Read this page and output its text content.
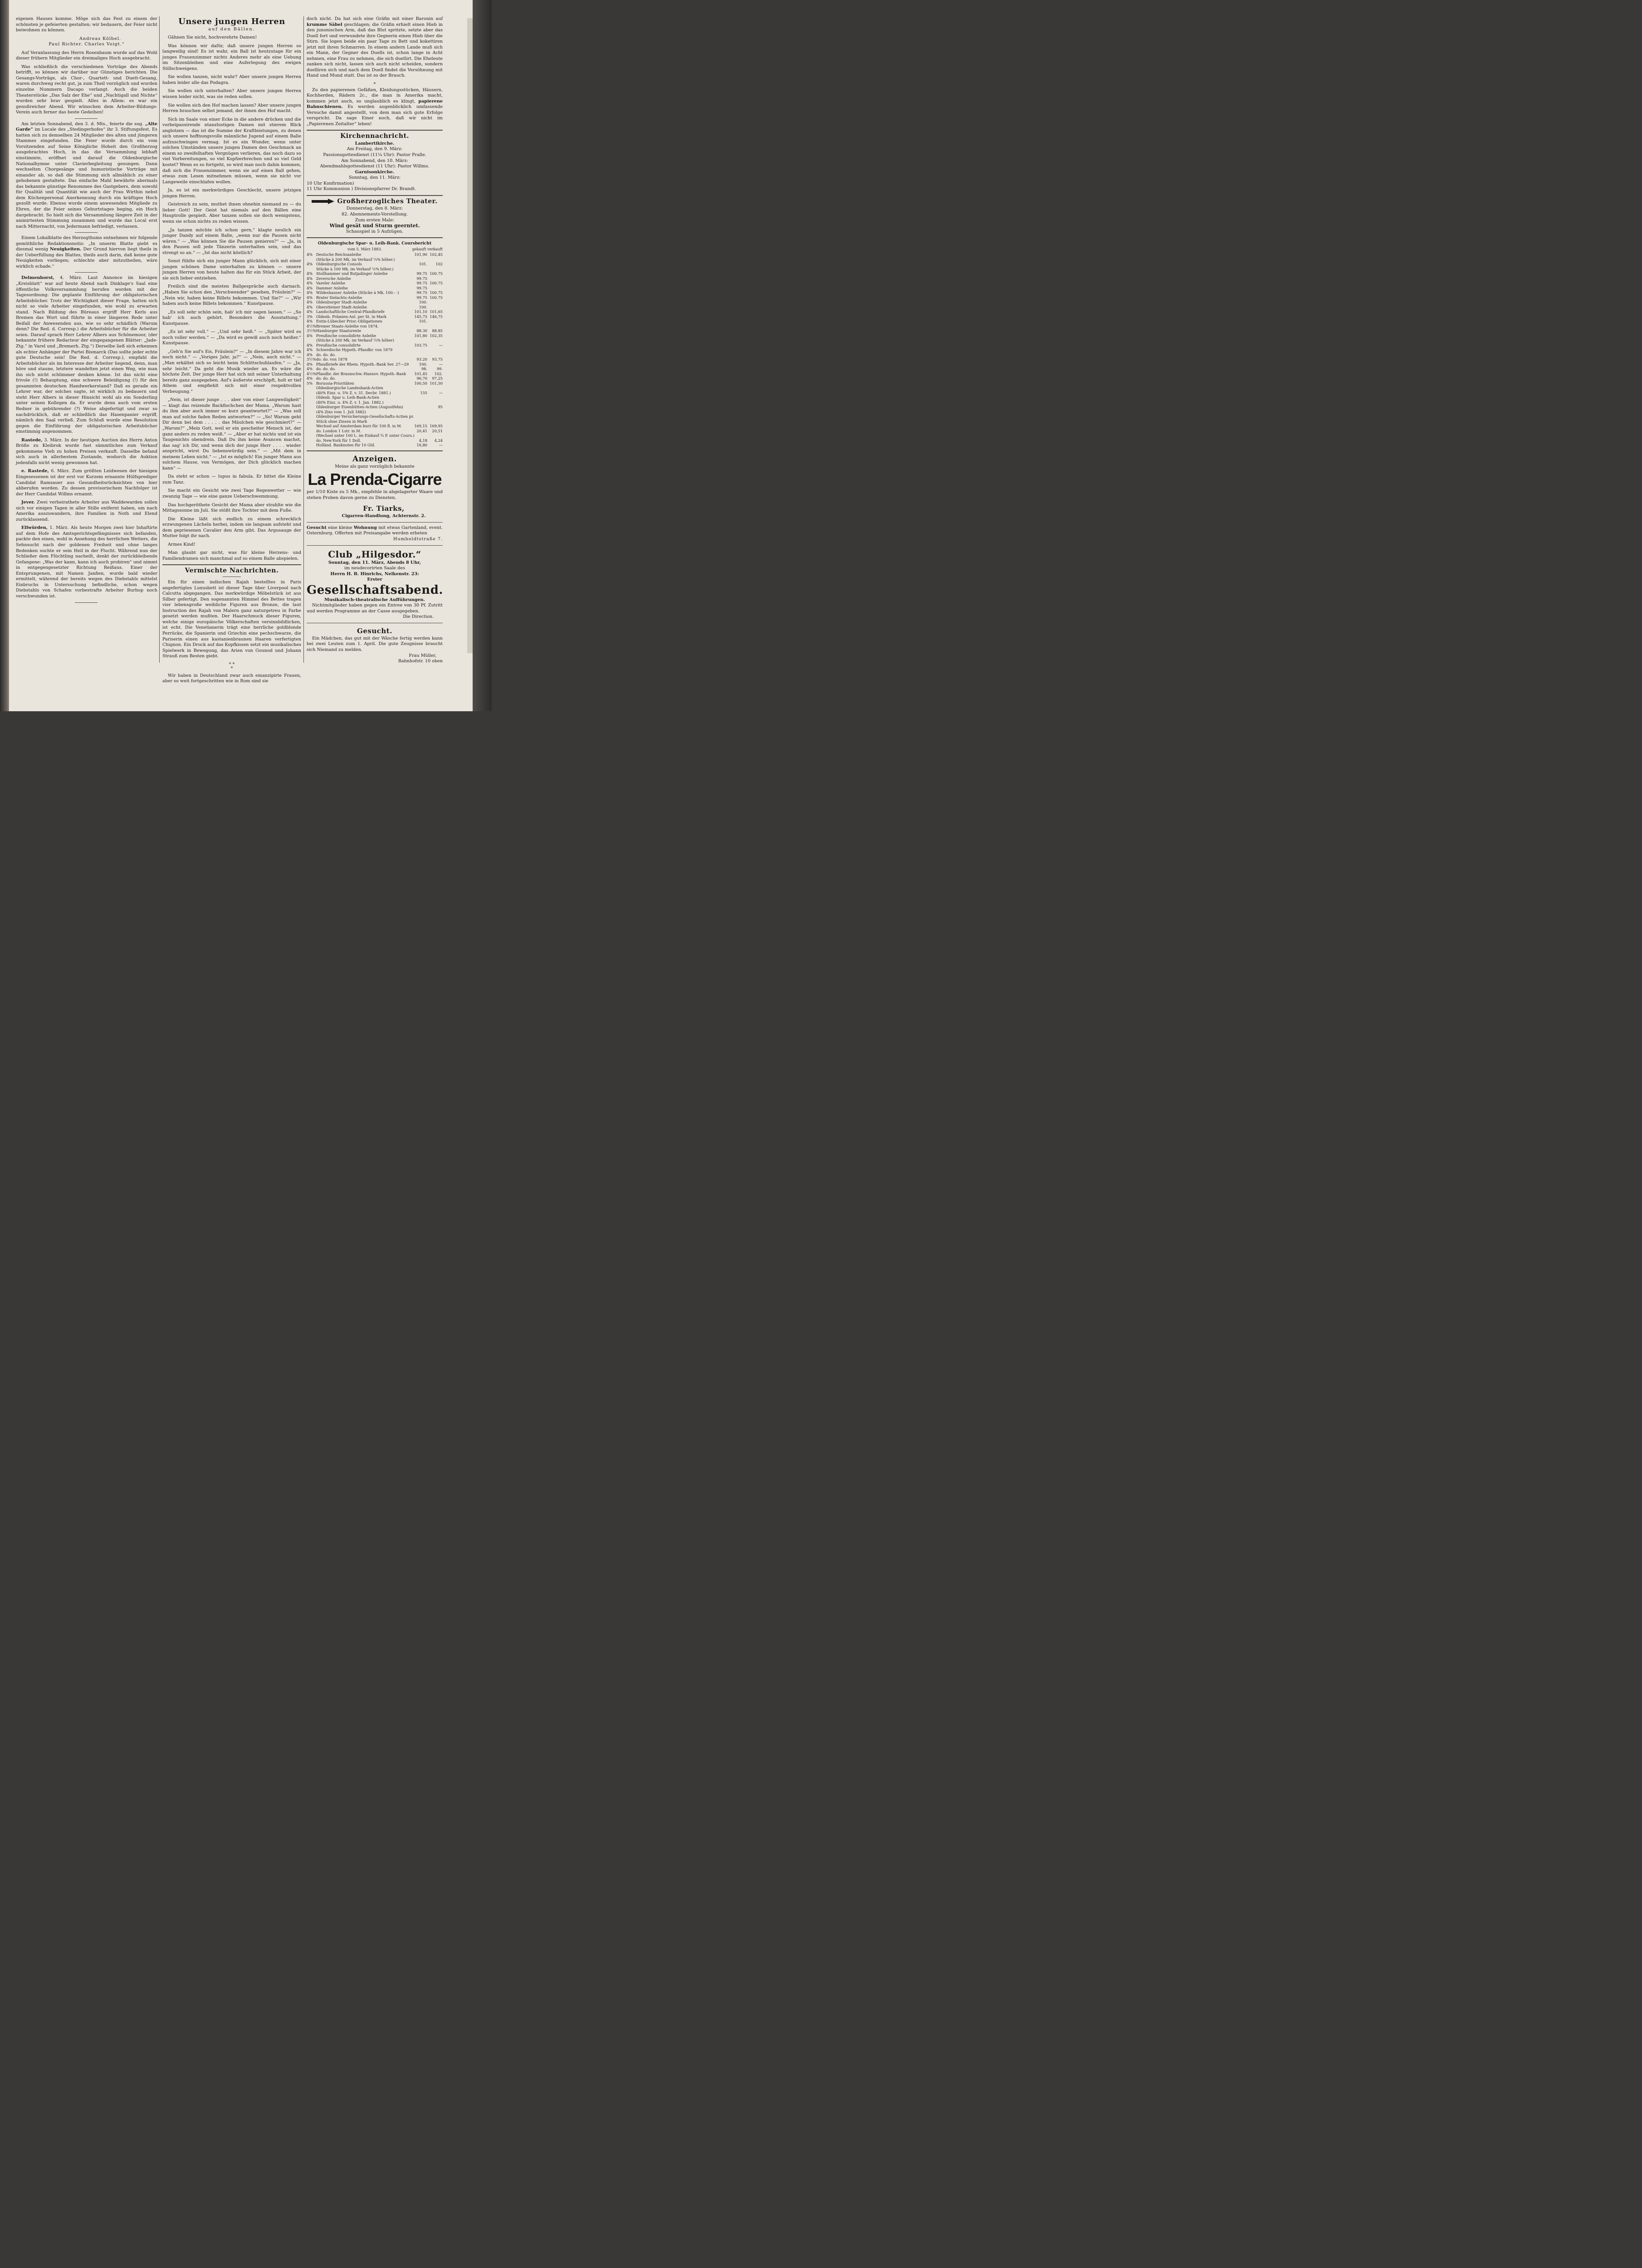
eigenen Hauses komme. Möge sich das Fest zu einem der schönsten je gefeierten gestalten; wir bedauern, der Feier nicht beiwohnen zu können.

Andreas Kölbel.

Paul Richter. Charles Voigt.“

Auf Veranlassung des Herrn Rosenbaum wurde auf das Wohl dieser frühern Mitglieder ein dreimaliges Hoch ausgebracht.

Was schließlich die verschiedenen Vorträge des Abends betrifft, so können wir darüber nur Günstiges berichten. Die Gesangs-Vorträge, als Chor-, Quartett- und Duett-Gesang, waren durchweg recht gut, ja zum Theil vorzüglich und wurden einzelne Nummern Dacapo verlangt. Auch die beiden Theaterstücke „Das Salz der Ehe“ und „Nachtigall und Nichte“ wurden sehr brav gespielt. Alles in Allem: es war ein genußreicher Abend. Wir wünschen dem Arbeiter-Bildungs-Verein auch ferner das beste Gedeihen!

Am letzten Sonnabend, den 3. d. Mts., feierte die sog. „Alte Garde“ im Locale des „Stedingerhofes“ ihr 3. Stiftungsfest. Es hatten sich zu demselben 24 Mitglieder des alten und jüngeren Stammes eingefunden. Die Feier wurde durch ein vom Vorsitzenden auf Seine Königliche Hoheit den Großherzog ausgebrachtes Hoch, in das die Versammlung lebhaft einstimmte, eröffnet und darauf die Oldenburgische Nationalhymne unter Clavierbegleitung gesungen. Dann wechselten Chorgesänge und humoristische Vorträge mit einander ab, so daß die Stimmung sich allmählich zu einer gehobenen gestaltete. Das einfache Mahl bewährte abermals das bekannte günstige Renommee des Gastgebers, dem sowohl für Qualität und Quantität wie auch der Frau Wirthin nebst dem Küchenpersonal Anerkennung durch ein kräftiges Hoch gezollt wurde. Ebenso wurde einem anwesenden Mitgliede zu Ehren, der die Feier seines Geburtstages beging, ein Hoch dargebracht. So hielt sich die Versammlung längere Zeit in der animirtesten Stimmung zusammen und wurde das Local erst nach Mitternacht, von Jedermann befriedigt, verlassen.

Einem Lokalblatte des Herzogthums entnehmen wir folgende gemüthliche Redaktionsnotiz: „In unserm Blatte giebt es diesmal wenig Neuigkeiten. Der Grund hiervon liegt theils in der Ueberfüllung des Blattes, theils auch darin, daß keine gute Neuigkeiten vorliegen; schlechte aber mitzutheilen, wäre wirklich schade.“

Delmenhorst, 4. März. Laut Annonce im hiesigen „Kreisblatt“ war auf heute Abend nach Dinklage's Saal eine öffentliche Volksversammlung berufen worden mit der Tagesordnung: Die geplante Einführung der obligatorischen Arbeitsbücher. Trotz der Wichtigkeit dieser Frage, hatten sich nicht so viele Arbeiter eingefunden, wie wohl zu erwarten stand. Nach Bildung des Büreaus ergriff Herr Kerls aus Bremen das Wort und führte in einer längeren Rede unter Beifall der Anwesenden aus, wie so sehr schädlich (Warum denn? Die Red. d. Corresp.) die Arbeitsbücher für die Arbeiter seien. Darauf sprach Herr Lehrer Albers aus Schönemoor, (der bekannte frühere Redacteur der eingegangenen Blätter: „Jade-Ztg.“ in Varel und „Bremerh. Ztg.“) Derselbe ließ sich erkennen als echter Anhänger der Partei Bismarck (Das sollte jeder echte gute Deutsche sein! Die Red. d. Corresp.), empfahl die Arbeitsbücher als im Interesse der Arbeiter liegend, denn, man höre und staune, letztere wandelten jetzt einen Weg, wie man ihn sich nicht schlimmer denken könne. Ist das nicht eine frivole (!) Behauptung, eine schwere Beleidigung (!) für den gesammten deutschen Handwerkerstand? Daß es gerade ein Lehrer war, der solches sagte, ist wirklich zu bedauern und steht Herr Albers in dieser Hinsicht wohl als ein Sonderling unter seinen Kollegen da. Er wurde denn auch vom ersten Redner in gebührender (?) Weise abgefertigt und zwar so nachdrücklich, daß er schließlich das Hasenpanier ergriff, nämlich den Saal verließ. Zum Schluß wurde eine Resolution gegen die Einführung der obligatorischen Arbeitsbücher einstimmig angenommen.

Rastede, 3. März. In der heutigen Auction des Herrn Anton Bröße zu Kleibrok wurde fast sämmtliches zum Verkauf gekommene Vieh zu hohen Preisen verkauft. Dasselbe befand sich auch in allerbestem Zustande, wodurch die Auktion jedenfalls nicht wenig gewonnen hat.

e. Rastede, 6. März. Zum größten Leidwesen der hiesigen Eingesessenen ist der erst vor Kurzem ernannte Hülfsprediger Candidat Ramsauer aus Gesundheitsrücksichten von hier abberufen worden. Zu dessen provisorischem Nachfolger ist der Herr Candidat Willms ernannt.

Jever. Zwei verheirathete Arbeiter aus Waddewarden sollen sich vor einigen Tagen in aller Stille entfernt haben, um nach Amerika auszuwandern, ihre Familien in Noth und Elend zurücklassend.

Ellwürden, 1. März. Als heute Morgen zwei hier Inhaftirte auf dem Hofe des Amtsgerichtsgefängnisses sich befanden, packte den einen, wohl in Ansehung des herrlichen Wetters, die Sehnsucht nach der goldenen Freiheit und ohne langes Bedenken suchte er sein Heil in der Flucht. Während nun der Schließer dem Flüchtling nacheilt, denkt der zurückbleibende Gefangene: „Was der kann, kann ich auch probiren“ und nimmt in entgegengesetzter Richtung Reißaus. Einer der Entsprungenen, mit Namen Janßen, wurde bald wieder ermittelt, während der bereits wegen des Diebstahls mittelst Einbruchs in Untersuchung befindliche, schon wegen Diebstahls von Schafen vorbestrafte Arbeiter Burhop noch verschwunden ist.

Unsere jungen Herren
auf den Bällen.

Gähnen Sie nicht, hochverehrte Damen!

Was können wir dafür, daß unsere jungen Herren so langweilig sind! Es ist wahr, ein Ball ist heutzutage für ein junges Frauenzimmer nichts Anderes mehr als eine Uebung im Sitzenbleiben und eine Auferlegung des ewigen Stillschweigens.

Sie wollen tanzen, nicht wahr? Aber unsere jungen Herren haben leider alle das Podagra.

Sie wollen sich unterhalten? Aber unsere jungen Herren wissen leider nicht, was sie reden sollen.

Sie wollen sich den Hof machen lassen? Aber unsere jungen Herren brauchen selbst jemand, der ihnen den Hof macht.

Sich im Saale von einer Ecke in die andere drücken und die vorbeipassirende ntanzlustigen Damen mit stierem Blick anglotzen — das ist die Summe der Kraftleistungen, zu denen sich unsere hoffnungsvolle männliche Jugend auf einem Balle aufzuschwingen vermag. Ist es ein Wunder, wenn unter solchen Umständen unsere jungen Damen den Geschmack an einem so zweifelhaften Vergnügen verlieren, das noch dazu so viel Vorbereitungen, so viel Kopfzerbrechen und so viel Geld kostet? Wenn es so fortgeht, so wird man noch dahin kommen, daß sich die Frauenzimmer, wenn sie auf einen Ball gehen, etwas zum Lesen mitnehmen müssen, wenn sie nicht vor Langeweile einschlafen wollen.

Ja, es ist ein merkwürdiges Geschlecht, unsere jetzigen jungen Herren.

Geistreich zu sein, muthet ihnen ohnehin niemand zu — du lieber Gott! Der Geist hat niemals auf den Bällen eine Hauptrolle gespielt. Aber tanzen sollen sie doch wenigstens, wenn sie schon nichts zu reden wissen.

„Ja tanzen möchte ich schon gern,“ klagte neulich ein junger Dandy auf einem Balle, „wenn nur die Pausen nicht wären.“ — „Was können Sie die Pausen genieren?“ — „Ja, in den Pausen soll jede Tänzerin unterhalten sein, und das strengt so an.“ — „Ist das nicht köstlich?

Sonst fühlte sich ein junger Mann glücklich, sich mit einer jungen schönen Dame unterhalten zu können — unsere jungen Herren von heute halten das für ein Stück Arbeit, der sie sich lieber entziehen.

Freilich sind die meisten Ballgespräche auch darnach. „Haben Sie schon den „Verschwender“ gesehen, Fräulein?“ — „Nein wir, haben keine Billets bekommen. Und Sie?“ — „Wir haben auch keine Billets bekommen.“ Kunstpause.

„Es soll sehr schön sein, hab' ich mir sagen lassen.“ — „So hab' ich auch gehört. Besonders die Ausstattung.“ Kunstpause.

„Es ist sehr voll.“ — „Und sehr heiß.“ — „Später wird es noch voller werden.“ — „Da wird es gewiß auch noch heißer.“ Kunstpause.

„Geh'n Sie auf's Eis, Fräulein?“ — „In diesem Jahre war ich noch nicht.“ — „Voriges Jahr, ja?“ — „Nein, auch nicht.“ — „Man erkältet sich so leicht beim Schlittschuhlaufen.“ — „Ja, sehr leicht.“ Da geht die Musik wieder an. Es wäre die höchste Zeit. Der junge Herr hat sich mit seiner Unterhaltung bereits ganz ausgegeben. Auf's äußerste erschöpft, holt er tief Athem und empfiehlt sich mit einer respektvollen Verbeugung.“

„Nein, ist dieser junge . . . aber von einer Langweiligkeit“ — klagt das reizende Backfischchen der Mama. „Warum hast du ihm aber auch immer so kurz geantwortet?“ — „Was soll man auf solche faden Reden antworten?“ — „So! Warum geht Dir denn bei dem . . . . . das Mäulchen wie geschmiert?“ — „Warum?“ „Mein Gott, weil er ein gescheiter Mensch ist, der ganz anders zu reden weiß.“ — „Aber er hat nichts und ist ein Taugenichts obendrein. Daß Du ihm keine Avancen machst, das sag' ich Dir, und wenn dich der junge Herr . . . . wieder anspricht, wirst Du liebenswürdig sein.“ — „Mit dem in meinem Leben nicht.“ — „Ist es möglich! Ein junger Mann aus solchem Hause, von Vermögen, der Dich glücklich machen kann“ —

Da steht er schon — lupus in fabula. Er bittet die Kleine zum Tanz.

Sie macht ein Gesicht wie zwei Tage Regenwetter — wie zwanzig Tage — wie eine ganze Ueberschwemmung.

Das hochgeröthete Gesicht der Mama aber strahlte wie die Mittagssonne im Juli. Sie stößt ihre Tochter mit dem Fuße.

Die Kleine läßt sich endlich zu einem schrecklich erzwungenen Lächeln herbei, indem sie langsam aufsteht und dem gepriesenen Cavalier den Arm gibt. Das Argusauge der Mutter folgt ihr nach.

Armes Kind!

Man glaubt gar nicht, was für kleine Herzens- und Familiendramen sich manchmal auf so einem Balle abspielen.

Vermischte Nachrichten.

Ein für einen indischen Rajah bestelltes in Paris angefertigtes Luxusbett ist dieser Tage über Liverpool nach Calcutta abgegangen. Das merkwürdige Möbelstück ist aus Silber gefertigt. Den sogenannten Himmel des Bettes tragen vier lebensgroße weibliche Figuren aus Bronze, die laut Instruction des Rajah von Malern ganz naturgetreu in Farbe gesetzt werden mußten. Der Haarschmuck dieser Figuren, welche einige europäische Völkerschaften versinnbildlichen, ist echt. Die Venetianerin trägt eine herrliche goldblonde Perrücke, die Spanierin und Griechin eine pechschwarze, die Pariserin einen aus kastanienbraunen Haaren verfertigten Chignon. Ein Druck auf das Kopfkissen setzt ein musikalisches Spielwerk in Bewegung, das Arien von Gounod und Johann Strauß zum Besten giebt.

* *
*

Wir haben in Deutschland zwar auch emanzipirte Frauen, aber so weit fortgeschritten wie in Rom sind sie

doch nicht. Da hat sich eine Gräfin mit einer Baronin auf krumme Säbel geschlagen; die Gräfin erhielt einen Hieb in den junonischen Arm, daß das Blut spritzte, setzte aber das Duell fort und verwundete ihre Gegnerin einen Hieb über die Stirn. Sie logen beide ein paar Tage zu Bett und kokettiren jetzt mit ihren Schmarren. In einem andern Lande muß sich ein Mann, der Gegner des Duells ist, schon lange in Acht nehmen, eine Frau zu nehmen, die sich duellirt. Die Eheleute zanken sich nicht, lassen sich auch nicht scheiden, sondern duelliren sich und nach dem Duell findet die Versöhnung mit Hand und Mund statt. Das ist so der Brauch.

*

Zu den papierenen Gefäßen, Kleidungsstücken, Häusern, Kochherden, Rädern 2c., die man in Amerika macht, kommen jetzt auch, so unglaublich es klingt, papierene Bahnschienen. Es werden augenblicklich umfassende Versuche damit angestellt, von dem man sich gute Erfolge verspricht. Da sage Einer noch, daß wir nicht im „Papierenen Zeitalter“ leben!

Kirchennachricht.
Lambertikirche.
Am Freitag, den 9. März:
Passionsgottesdienst (11¼ Uhr): Pastor Pralle.
Am Sonnabend, den 10. März:
Abendmahlsgottesdienst (11 Uhr): Pastor Willms.
Garnisonkirche.
Sonntag, den 11. März:
10 Uhr Konfirmation)
11 Uhr Kommunion ) Divisionspfarrer Dr. Brandt.
Großherzogliches Theater.
Donnerstag, den 8. März:
82. Abonnements-Vorstellung.
Zum ersten Male:
Wind gesät und Sturm geerntet.
Schauspiel in 5 Aufzügen.
Oldenburgische Spar- u. Leih-Bank. Coursbericht
vom 5. März 1883.	gekauft verkauft
4%	Deutsche Reichsanleihe	101,90	102,45
	(Stücke à 200 Mk. im Verkauf ¼% höher.)		
4%	Oldenburgische Consols	101.	102
	Stücke à 100 Mk. im Verkauf ¼% höher.)		
4%	Stollhammer und Butjadinger Anleihe	99.75	100.75
4%	Zeversche Anleihe	99.75	
4%	Vareler Anleihe	99.75	100.75
4%	Dammer Anleihe	99.75	
4%	Wildeshauser Anleihe (Stücke à Mk. 100.- -)	99.75	100.75
4%	Brater Sielachts-Anleihe	99.75	100.75
4%	Oldenburger Stadt-Anleihe	100.	
4%	Oberstteiner Stadt-Anleihe	100.	
4%	Landschaftliche Central-Pfandbriefe	101,10	101,65
3%	Oldenb. Prämien-Anl. per St. in Mark	145,75	146,75
4%	Eutin-Lübecker Prior.-Obligationen	101.	
4½%	Bremer Staats-Anleihe von 1874.		
3½%	Hamburger Staatsrente	88.30	88.85
4%	Preußische consolidirte Anleihe	101,80	102,35
	(Stücke à 200 Mk. im Verkauf ¼% höher)		
4%	Preußische consolidirte	103.75	—
4%	Schwedische Hypoth.-Pfandbr. von 1879		
4%	do. do. do.		
3½%	do. do. von 1878	93.20	93.75
4%	Pfandbriefe der Rhein. Hypoth.-Bank Ser. 27—29	100.	—
4%	do. do. do.	98.	99.
4½%	Pfandbr. der Braunschw.-Hannov. Hypoth.-Bank	101,45	102.
4%	do. do. do.	96,70	97,25
5%	Borussia-Prioritäten	100,50	101,50
	Oldenburgische Landesbank-Actien		
	(40% Einz. u. 5% Z. v. 31. Decbr. 1881.)	155	—
	Oldenb. Spar u. Leih-Bank-Actien		
	(40% Einz. u. 4% Z. v. 1. Jan. 1882.)		
	Oldenburger Eisenhütten-Actien (Augustfehn)		95
	(4% Zins vom 1. Juli 1882)		
	Oldenburger Versicherungs-Gesellschafts-Actien pr.		
	Stück ohne Zinsen in Mark		
	Wechsel auf Amsterdam kurz für 100 fl. in M.	169,15	169,95
	do. London 1 Lstr. in M.	20,41	20,51
	(Wechsel unter 100 L. im Einkauf ¾ P. unter Cours.)		
	do. New-York für 1 Doll.	4,18	4,24
	Holländ. Banknoten für 10 Gld.	16,80	—
Anzeigen.
Meine als ganz vorzüglich bekannte
La Prenda-Cigarre

per 1/10 Kiste zu 5 Mk., empfehle in abgelagerter Waare und stehen Proben davon gerne zu Diensten.

Fr. Tiarks,
Cigarren-Handlung, Achternstr. 2.

Gesucht eine kleine Wohnung mit etwas Gartenland, event. Osternburg. Offerten mit Preisangabe werden erbeten

Humboldtstraße 7.
Club „Hilgesdor.“
Sonntag, den 11. März, Abends 8 Uhr,
im neudecorirten Saale des
Herrn H. B. Hinrichs, Nelkenstr. 23:
Erster
Gesellschaftsabend.
Musikalisch-theatralische Aufführungen.

Nichtmitglieder haben gegen ein Entree von 30 Pf. Zutritt und werden Programme an der Casse ausgegeben.

Die Direction.
Gesucht.

Ein Mädchen, das gut mit der Wäsche fertig werden kann bei zwei Leuten zum 1. April. Die gute Zeugnisse braucht sich Niemand zu melden.

Frau Müller,
Bahnhofstr. 10 oben
